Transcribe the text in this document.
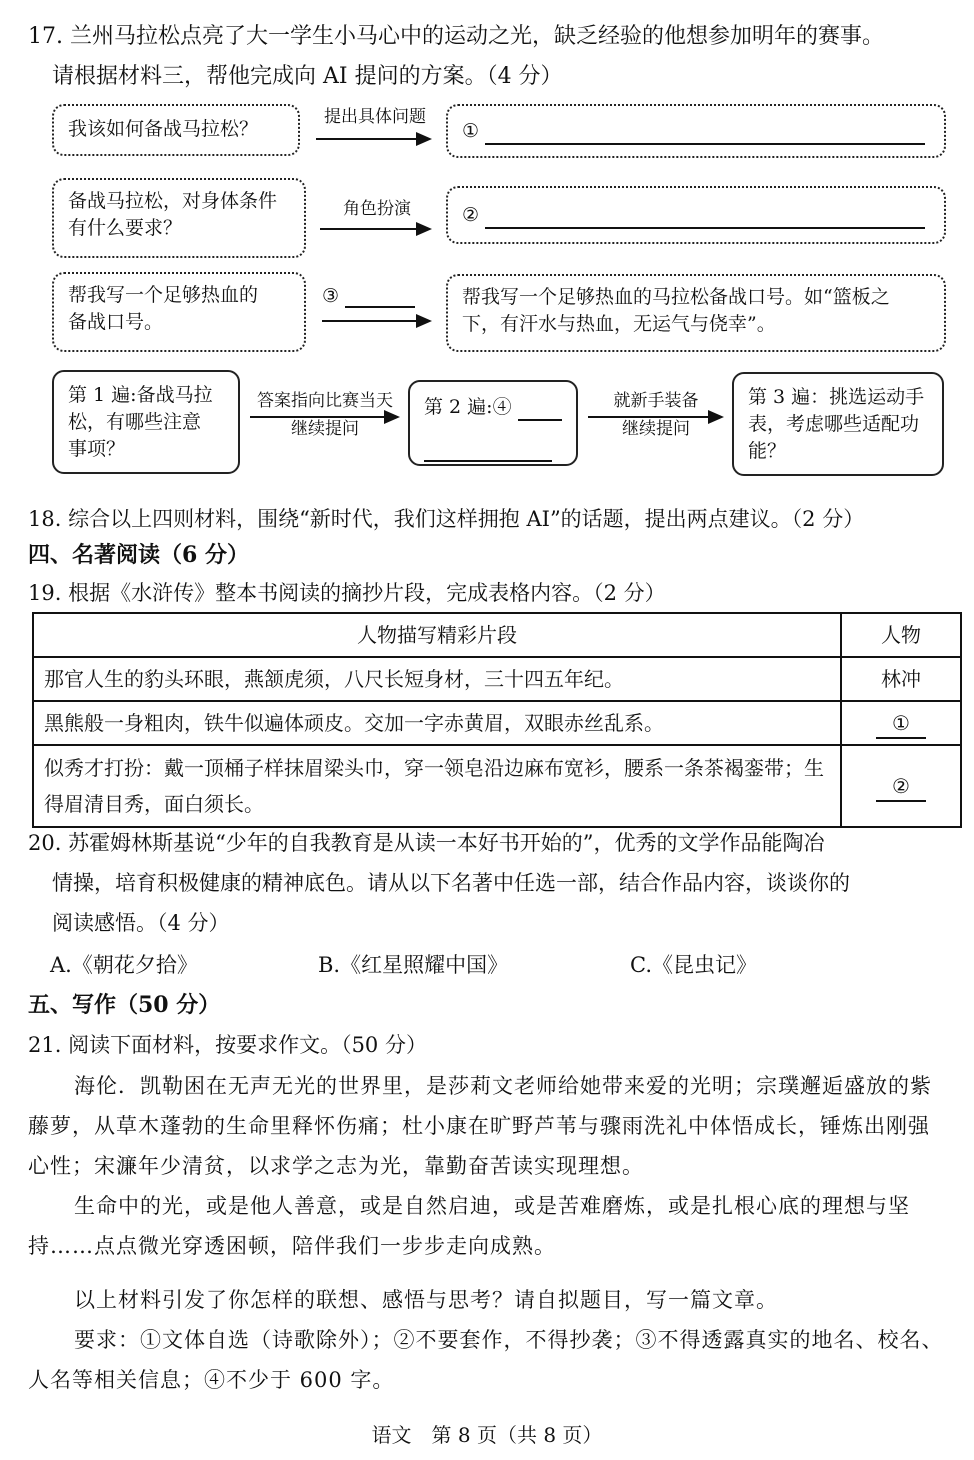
17. 兰州马拉松点亮了大一学生小马心中的运动之光，缺乏经验的他想参加明年的赛事。
请根据材料三，帮他完成向 AI 提问的方案。（4 分）
我该如何备战马拉松？
提出具体问题
①
备战马拉松，对身体条件
有什么要求？
角色扮演	②
帮我写一个足够热血的
备战口号。
③	帮我写一个足够热血的马拉松备战口号。如“篮板之
下，有汗水与热血，无运气与侥幸”。
第 1 遍:备战马拉
松，有哪些注意
事项？
答案指向比赛当天
继续提问
第 2 遍:④	就新手装备
继续提问
第 3 遍：挑选运动手
表，考虑哪些适配功
能？
18. 综合以上四则材料，围绕“新时代，我们这样拥抱 AI”的话题，提出两点建议。（2 分）
四、名著阅读（6 分）
19. 根据《水浒传》整本书阅读的摘抄片段，完成表格内容。（2 分）
人物描写精彩片段	人物
那官人生的豹头环眼，燕颔虎须，八尺长短身材，三十四五年纪。	林冲
黑熊般一身粗肉，铁牛似遍体顽皮。交加一字赤黄眉，双眼赤丝乱系。	①
似秀才打扮：戴一顶桶子样抹眉梁头巾，穿一领皂沿边麻布宽衫，腰系一条茶褐銮带；生得眉清目秀，面白须长。	②
20. 苏霍姆林斯基说“少年的自我教育是从读一本好书开始的”，优秀的文学作品能陶冶
情操，培育积极健康的精神底色。请从以下名著中任选一部，结合作品内容，谈谈你的
阅读感悟。（4 分）
A.《朝花夕拾》	B.《红星照耀中国》	C.《昆虫记》
五、写作（50 分）
21. 阅读下面材料，按要求作文。（50 分）
海伦．凯勒困在无声无光的世界里，是莎莉文老师给她带来爱的光明；宗璞邂逅盛放的紫藤萝，从草木蓬勃的生命里释怀伤痛；杜小康在旷野芦苇与骤雨洗礼中体悟成长，锤炼出刚强心性；宋濂年少清贫，以求学之志为光，靠勤奋苦读实现理想。
生命中的光，或是他人善意，或是自然启迪，或是苦难磨炼，或是扎根心底的理想与坚持……点点微光穿透困顿，陪伴我们一步步走向成熟。
以上材料引发了你怎样的联想、感悟与思考？请自拟题目，写一篇文章。
要求：①文体自选（诗歌除外）；②不要套作，不得抄袭；③不得透露真实的地名、校名、人名等相关信息；④不少于 600 字。
语文　第 8 页（共 8 页）
